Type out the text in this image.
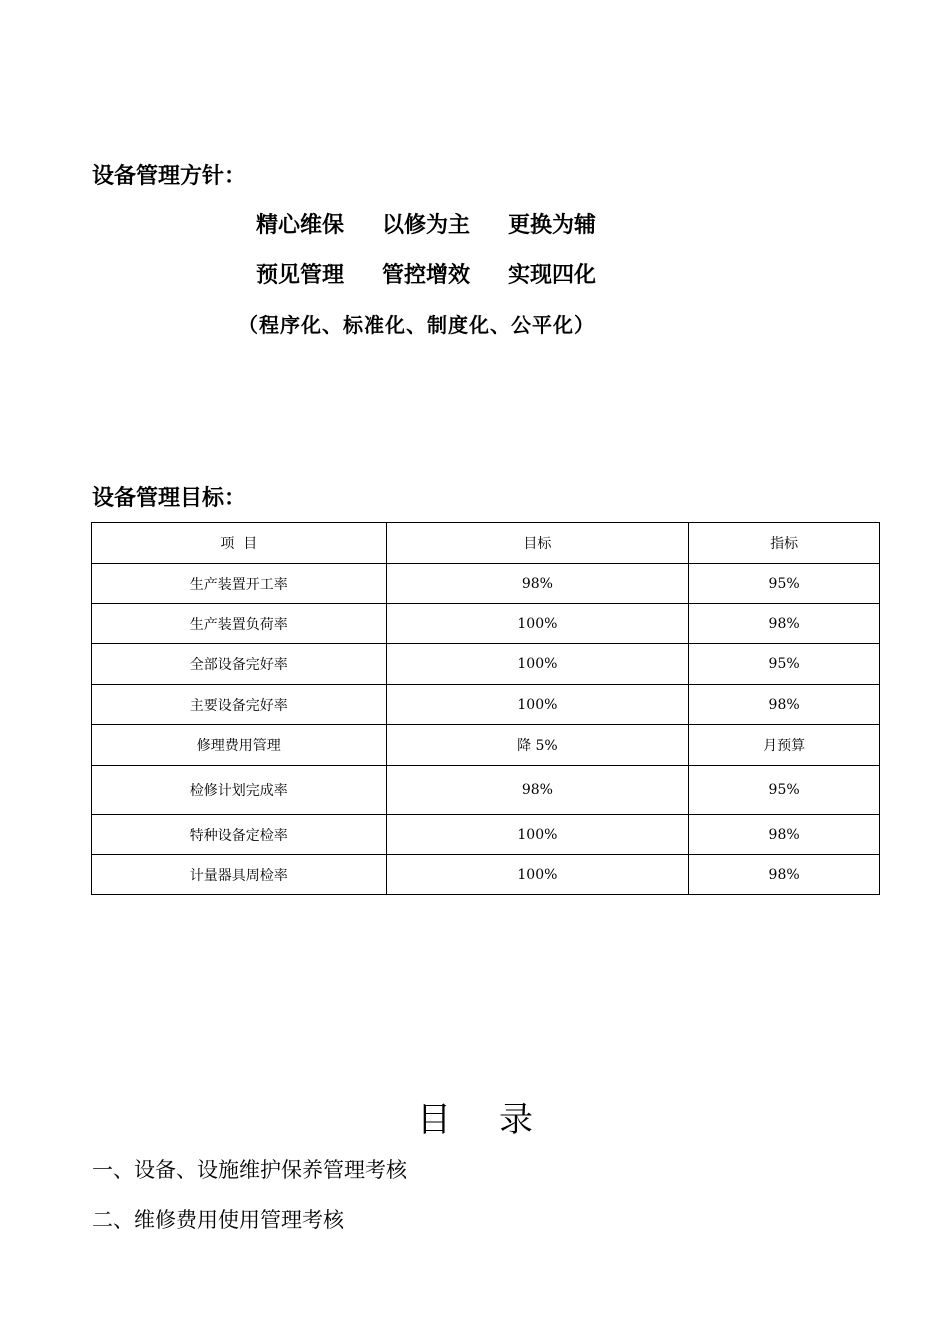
设备管理方针：
精心维保 以修为主 更换为辅
预见管理 管控增效 实现四化
（程序化、标准化、制度化、公平化）
设备管理目标：
项  目	目标	指标
生产装置开工率	98%	95%
生产装置负荷率	100%	98%
全部设备完好率	100%	95%
主要设备完好率	100%	98%
修理费用管理	降 5%	月预算
检修计划完成率	98%	95%
特种设备定检率	100%	98%
计量器具周检率	100%	98%
目录
一、设备、设施维护保养管理考核
二、维修费用使用管理考核
